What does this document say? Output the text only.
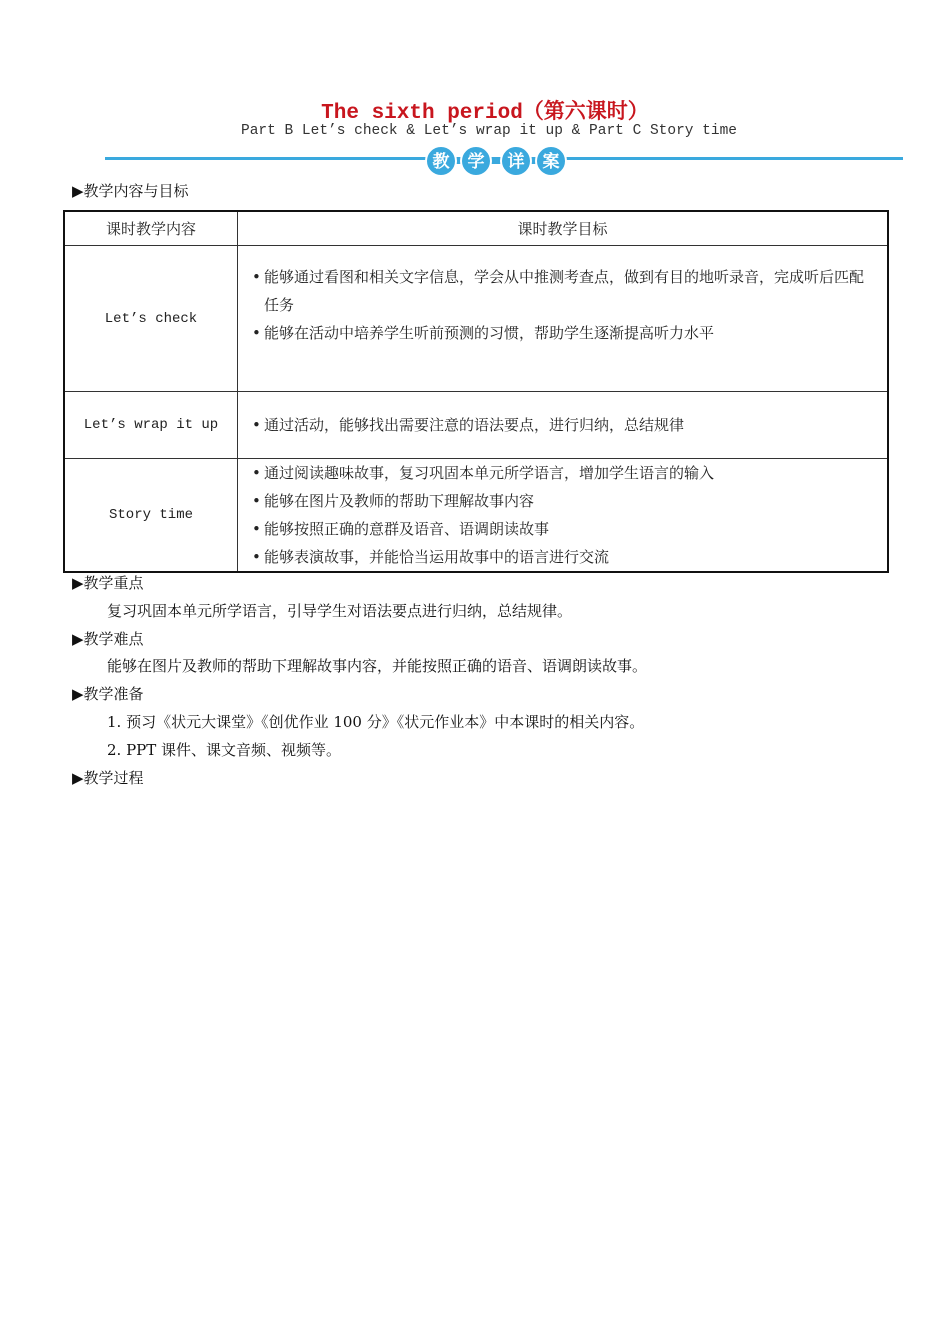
The sixth period（第六课时）
Part B Let’s check & Let’s wrap it up & Part C Story time
教 学 详 案
▶教学内容与目标
课时教学内容	课时教学目标
Let’s check	• 能够通过看图和相关文字信息，学会从中推测考查点，做到有目的地听录音，完成听后匹配任务
• 能够在活动中培养学生听前预测的习惯，帮助学生逐渐提高听力水平

Let’s wrap it up	• 通过活动，能够找出需要注意的语法要点，进行归纳，总结规律

Story time	• 通过阅读趣味故事，复习巩固本单元所学语言，增加学生语言的输入
• 能够在图片及教师的帮助下理解故事内容
• 能够按照正确的意群及语音、语调朗读故事
• 能够表演故事，并能恰当运用故事中的语言进行交流
▶教学重点
复习巩固本单元所学语言，引导学生对语法要点进行归纳，总结规律。
▶教学难点
能够在图片及教师的帮助下理解故事内容，并能按照正确的语音、语调朗读故事。
▶教学准备
1. 预习《状元大课堂》《创优作业 100 分》《状元作业本》中本课时的相关内容。
2. PPT 课件、课文音频、视频等。
▶教学过程
